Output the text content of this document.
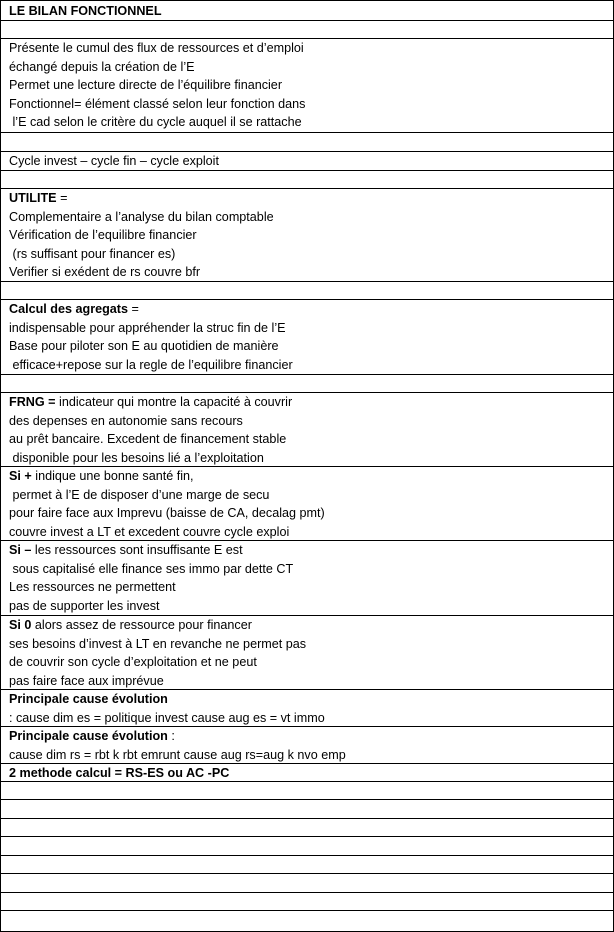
LE BILAN FONCTIONNEL
Présente le cumul des flux de ressources et d’emploi
échangé depuis la création de l’E
Permet une lecture directe de l’équilibre financier
Fonctionnel= élément classé selon leur fonction dans
l’E cad selon le critère du cycle auquel il se rattache
Cycle invest – cycle fin – cycle exploit
UTILITE =
Complementaire a l’analyse du bilan comptable
Vérification de l’equilibre financier
(rs suffisant pour financer es)
Verifier si exédent de rs couvre bfr
Calcul des agregats =
indispensable pour appréhender la struc fin de l’E
Base pour piloter son E au quotidien de manière
efficace+repose sur la regle de l’equilibre financier
FRNG = indicateur qui montre la capacité à couvrir
des depenses en autonomie sans recours
au prêt bancaire. Excedent de financement stable
disponible pour les besoins lié a l’exploitation
Si + indique une bonne santé fin,
permet à l’E de disposer d’une marge de secu
pour faire face aux Imprevu (baisse de CA, decalag pmt)
couvre invest a LT et excedent couvre cycle exploi
Si – les ressources sont insuffisante E est
sous capitalisé elle finance ses immo par dette CT
Les ressources ne permettent
pas de supporter les invest
Si 0 alors assez de ressource pour financer
ses besoins d’invest à LT en revanche ne permet pas
de couvrir son cycle d’exploitation et ne peut
pas faire face aux imprévue
Principale cause évolution
: cause dim es = politique invest cause aug es = vt immo
Principale cause évolution :
cause dim rs = rbt k rbt emrunt cause aug rs=aug k nvo emp
2 methode calcul = RS-ES ou AC -PC
